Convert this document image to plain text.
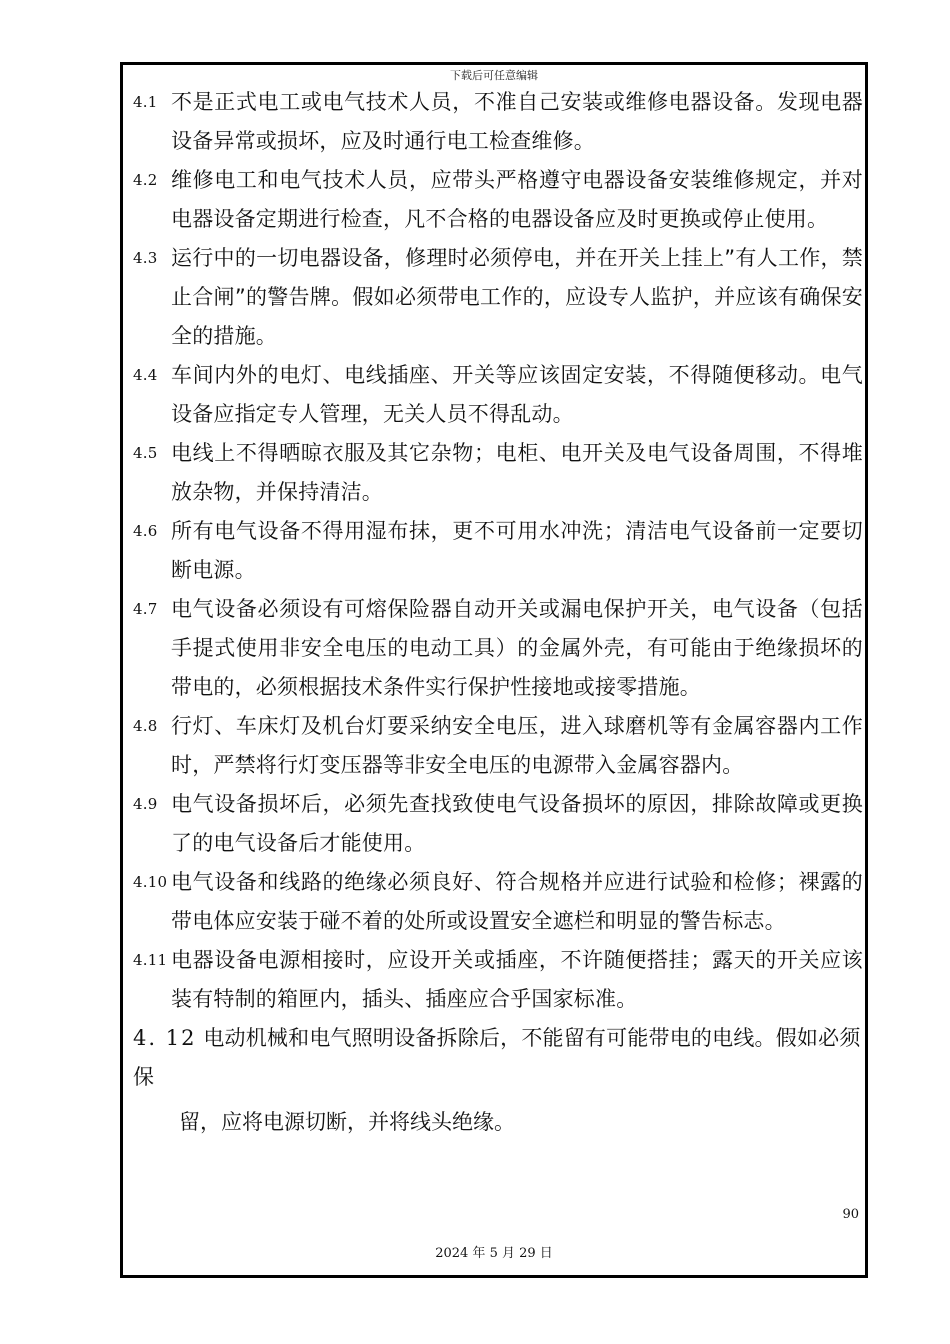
下载后可任意编辑
4.1 不是正式电工或电气技术人员，不准自己安装或维修电器设备。发现电器设备异常或损坏，应及时通行电工检查维修。
4.2 维修电工和电气技术人员，应带头严格遵守电器设备安装维修规定，并对电器设备定期进行检查，凡不合格的电器设备应及时更换或停止使用。
4.3 运行中的一切电器设备，修理时必须停电，并在开关上挂上”有人工作，禁止合闸”的警告牌。假如必须带电工作的，应设专人监护，并应该有确保安全的措施。
4.4 车间内外的电灯、电线插座、开关等应该固定安装，不得随便移动。电气设备应指定专人管理，无关人员不得乱动。
4.5 电线上不得晒晾衣服及其它杂物；电柜、电开关及电气设备周围，不得堆放杂物，并保持清洁。
4.6 所有电气设备不得用湿布抹，更不可用水冲洗；清洁电气设备前一定要切断电源。
4.7 电气设备必须设有可熔保险器自动开关或漏电保护开关，电气设备（包括手提式使用非安全电压的电动工具）的金属外壳，有可能由于绝缘损坏的带电的，必须根据技术条件实行保护性接地或接零措施。
4.8 行灯、车床灯及机台灯要采纳安全电压，进入球磨机等有金属容器内工作时，严禁将行灯变压器等非安全电压的电源带入金属容器内。
4.9 电气设备损坏后，必须先查找致使电气设备损坏的原因，排除故障或更换了的电气设备后才能使用。
4.10 电气设备和线路的绝缘必须良好、符合规格并应进行试验和检修；裸露的带电体应安装于碰不着的处所或设置安全遮栏和明显的警告标志。
4.11 电器设备电源相接时，应设开关或插座，不许随便搭挂；露天的开关应该装有特制的箱匣内，插头、插座应合乎国家标准。
4. 12 电动机械和电气照明设备拆除后，不能留有可能带电的电线。假如必须保
留，应将电源切断，并将线头绝缘。
90
2024 年 5 月 29 日
